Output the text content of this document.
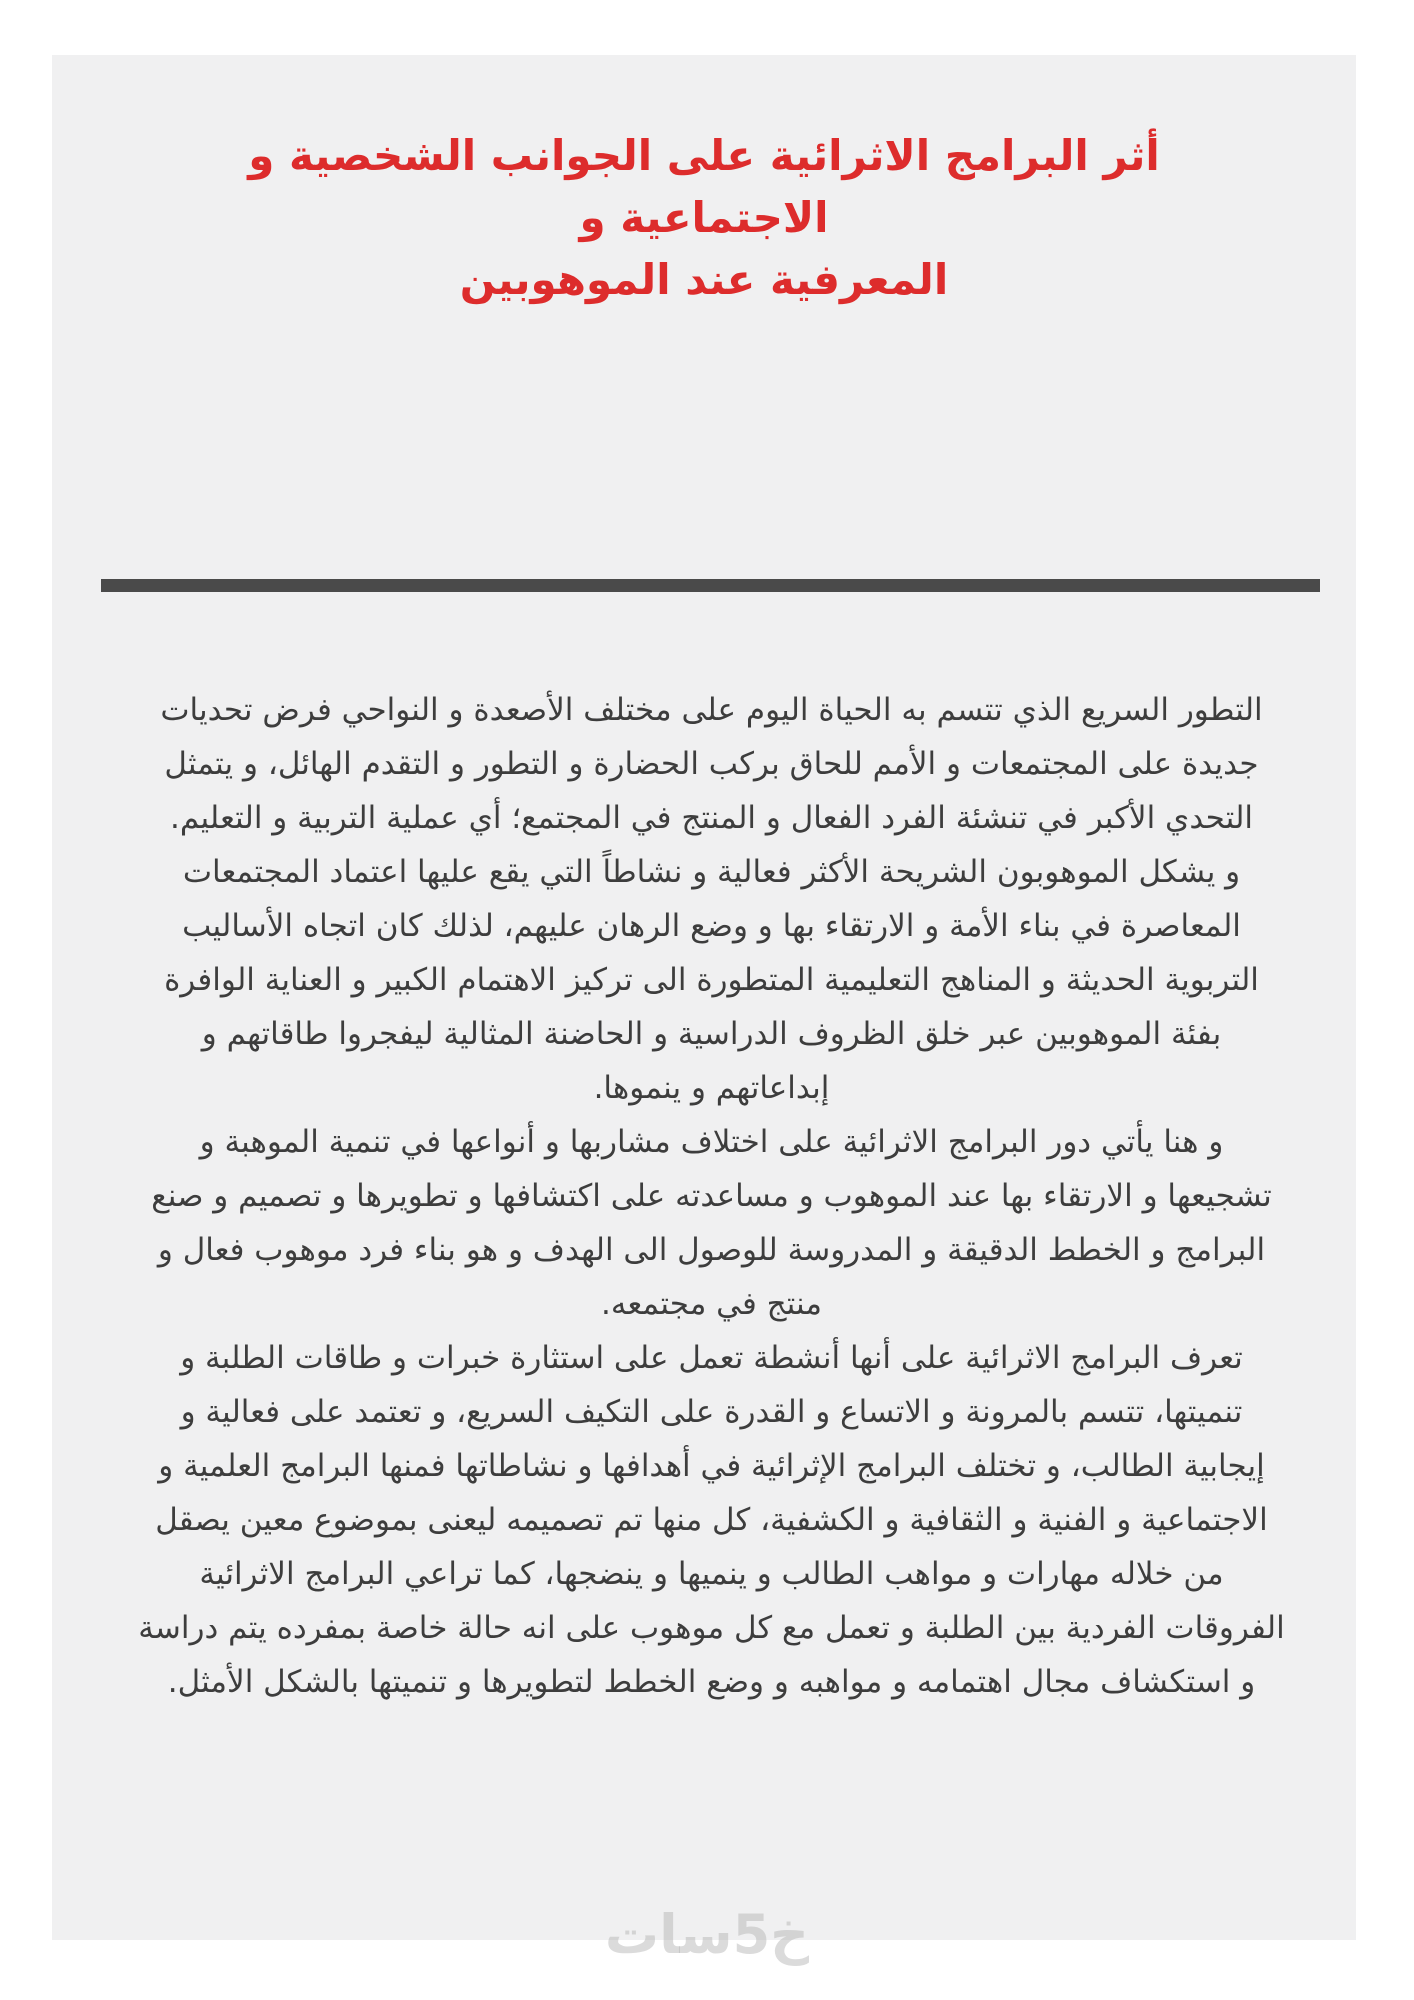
أثر البرامج الاثرائية على الجوانب الشخصية و الاجتماعية و
المعرفية عند الموهوبين
التطور السريع الذي تتسم به الحياة اليوم على مختلف الأصعدة و النواحي فرض تحديات
جديدة على المجتمعات و الأمم للحاق بركب الحضارة و التطور و التقدم الهائل، و يتمثل
التحدي الأكبر في تنشئة الفرد الفعال و المنتج في المجتمع؛ أي عملية التربية و التعليم.
و يشكل الموهوبون الشريحة الأكثر فعالية و نشاطاً التي يقع عليها اعتماد المجتمعات
المعاصرة في بناء الأمة و الارتقاء بها و وضع الرهان عليهم، لذلك كان اتجاه الأساليب
التربوية الحديثة و المناهج التعليمية المتطورة الى تركيز الاهتمام الكبير و العناية الوافرة
بفئة الموهوبين عبر خلق الظروف الدراسية و الحاضنة المثالية ليفجروا طاقاتهم و
إبداعاتهم و ينموها.
و هنا يأتي دور البرامج الاثرائية على اختلاف مشاربها و أنواعها في تنمية الموهبة و
تشجيعها و الارتقاء بها عند الموهوب و مساعدته على اكتشافها و تطويرها و تصميم و صنع
البرامج و الخطط الدقيقة و المدروسة للوصول الى الهدف و هو بناء فرد موهوب فعال و
منتج في مجتمعه.
تعرف البرامج الاثرائية على أنها أنشطة تعمل على استثارة خبرات و طاقات الطلبة و
تنميتها، تتسم بالمرونة و الاتساع و القدرة على التكيف السريع، و تعتمد على فعالية و
إيجابية الطالب، و تختلف البرامج الإثرائية في أهدافها و نشاطاتها فمنها البرامج العلمية و
الاجتماعية و الفنية و الثقافية و الكشفية، كل منها تم تصميمه ليعنى بموضوع معين يصقل
من خلاله مهارات و مواهب الطالب و ينميها و ينضجها، كما تراعي البرامج الاثرائية
الفروقات الفردية بين الطلبة و تعمل مع كل موهوب على انه حالة خاصة بمفرده يتم دراسة
و استكشاف مجال اهتمامه و مواهبه و وضع الخطط لتطويرها و تنميتها بالشكل الأمثل.
خ5سات
